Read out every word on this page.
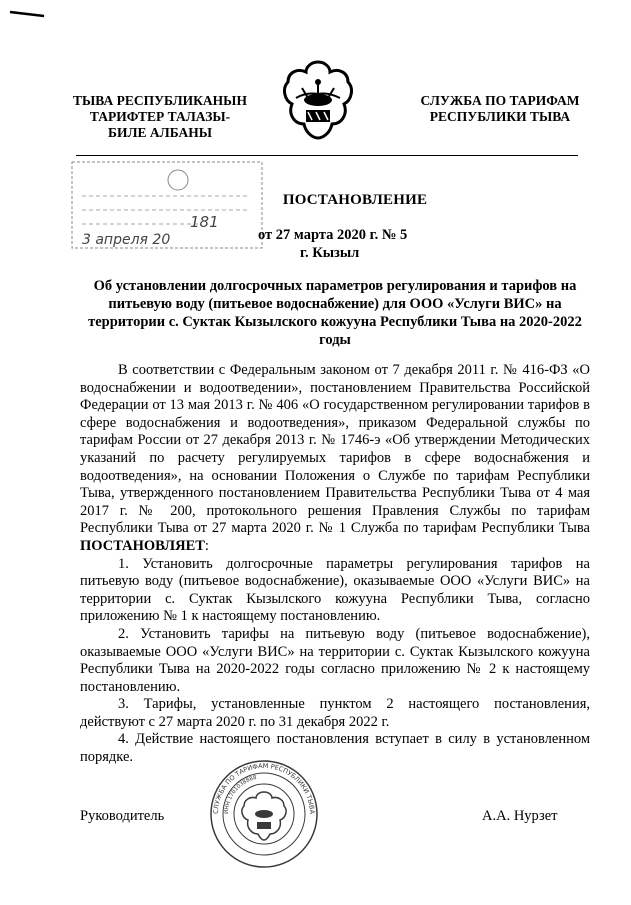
ТЫВА РЕСПУБЛИКАНЫН
ТАРИФТЕР ТАЛАЗЫ-
БИЛЕ АЛБАНЫ
СЛУЖБА ПО ТАРИФАМ
РЕСПУБЛИКИ ТЫВА
ПОСТАНОВЛЕНИЕ
181
3 апреля 20	от 27 марта 2020 г. № 5
г. Кызыл
Об установлении долгосрочных параметров регулирования и тарифов на питьевую воду (питьевое водоснабжение) для ООО «Услуги ВИС» на территории с. Суктак Кызылского кожууна Республики Тыва на 2020-2022 годы

В соответствии с Федеральным законом от 7 декабря 2011 г. № 416-ФЗ «О водоснабжении и водоотведении», постановлением Правительства Российской Федерации от 13 мая 2013 г. № 406 «О государственном регулировании тарифов в сфере водоснабжения и водоотведения», приказом Федеральной службы по тарифам России от 27 декабря 2013 г. № 1746-э «Об утверждении Методических указаний по расчету регулируемых тарифов в сфере водоснабжения и водоотведения», на основании Положения о Службе по тарифам Республики Тыва, утвержденного постановлением Правительства Республики Тыва от 4 мая 2017 г. № 200, протокольного решения Правления Службы по тарифам Республики Тыва от 27 марта 2020 г. № 1 Служба по тарифам Республики Тыва ПОСТАНОВЛЯЕТ:

1. Установить долгосрочные параметры регулирования тарифов на питьевую воду (питьевое водоснабжение), оказываемые ООО «Услуги ВИС» на территории с. Суктак Кызылского кожууна Республики Тыва, согласно приложению № 1 к настоящему постановлению.

2. Установить тарифы на питьевую воду (питьевое водоснабжение), оказываемые ООО «Услуги ВИС» на территории с. Суктак Кызылского кожууна Республики Тыва на 2020-2022 годы согласно приложению № 2 к настоящему постановлению.

3. Тарифы, установленные пунктом 2 настоящего постановления, действуют с 27 марта 2020 г. по 31 декабря 2022 г.

4. Действие настоящего постановления вступает в силу в установленном порядке.

Руководитель	А.А. Нурзет
СЛУЖБА ПО ТАРИФАМ РЕСПУБЛИКИ ТЫВА
ИНН 1701038888
